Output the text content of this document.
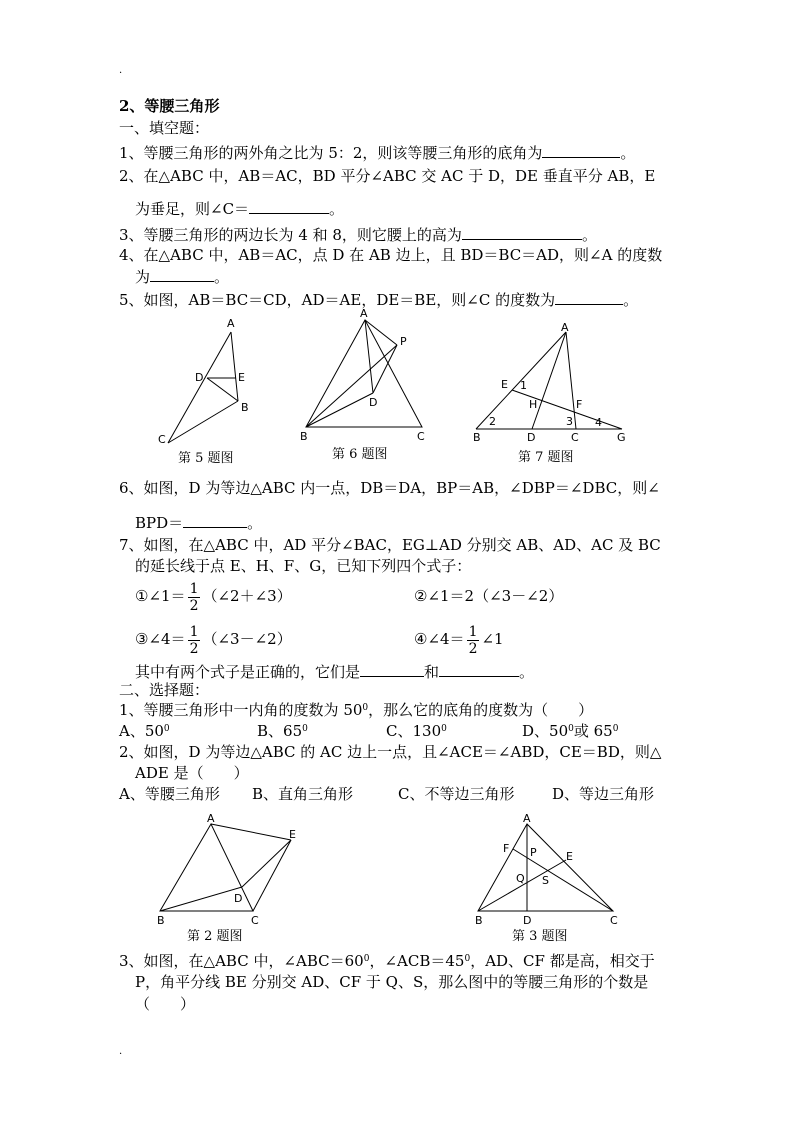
.
.
2、等腰三角形
一、填空题：
1、等腰三角形的两外角之比为 5：2，则该等腰三角形的底角为	。
2、在△ABC 中，AB＝AC，BD 平分∠ABC 交 AC 于 D，DE 垂直平分 AB，E
为垂足，则∠C＝	。
3、等腰三角形的两边长为 4 和 8，则它腰上的高为	。
4、在△ABC 中，AB＝AC，点 D 在 AB 边上，且 BD＝BC＝AD，则∠A 的度数
为	。
5、如图，AB＝BC＝CD，AD＝AE，DE＝BE，则∠C 的度数为	。
A
D	E
B
C
第 5 题图
A
P
D
B	C
第 6 题图
A
E 1
H	F
2	3 4
B	D	C	G
第 7 题图
6、如图，D 为等边△ABC 内一点，DB＝DA，BP＝AB，∠DBP＝∠DBC，则∠
BPD＝	。
7、如图，在△ABC 中，AD 平分∠BAC，EG⊥AD 分别交 AB、AD、AC 及 BC
的延长线于点 E、H、F、G，已知下列四个式子：
①∠1＝ $\frac{1}{2}$ （∠2＋∠3）	②∠1＝2（∠3－∠2）
③∠4＝ $\frac{1}{2}$ （∠3－∠2）	④∠4＝ $\frac{1}{2}$ ∠1
其中有两个式子是正确的，它们是	和	。
二、选择题：
1、等腰三角形中一内角的度数为 $50^0$，那么它的底角的度数为（　　）
A、$50^0$	B、$65^0$	C、$130^0$	D、$50^0$或 $65^0$
2、如图，D 为等边△ABC 的 AC 边上一点，且∠ACE＝∠ABD，CE＝BD，则△
ADE 是（　　）
A、等腰三角形 B、直角三角形	C、不等边三角形	D、等边三角形
A
E
D
B	C
第 2 题图
A
F P	E
Q S
B	D	C
第 3 题图
3、如图，在△ABC 中，$\angle ABC=60^0$，$\angle ACB=45^0$，AD、CF 都是高，相交于
P，角平分线 BE 分别交 AD、CF 于 Q、S，那么图中的等腰三角形的个数是
（　　）
